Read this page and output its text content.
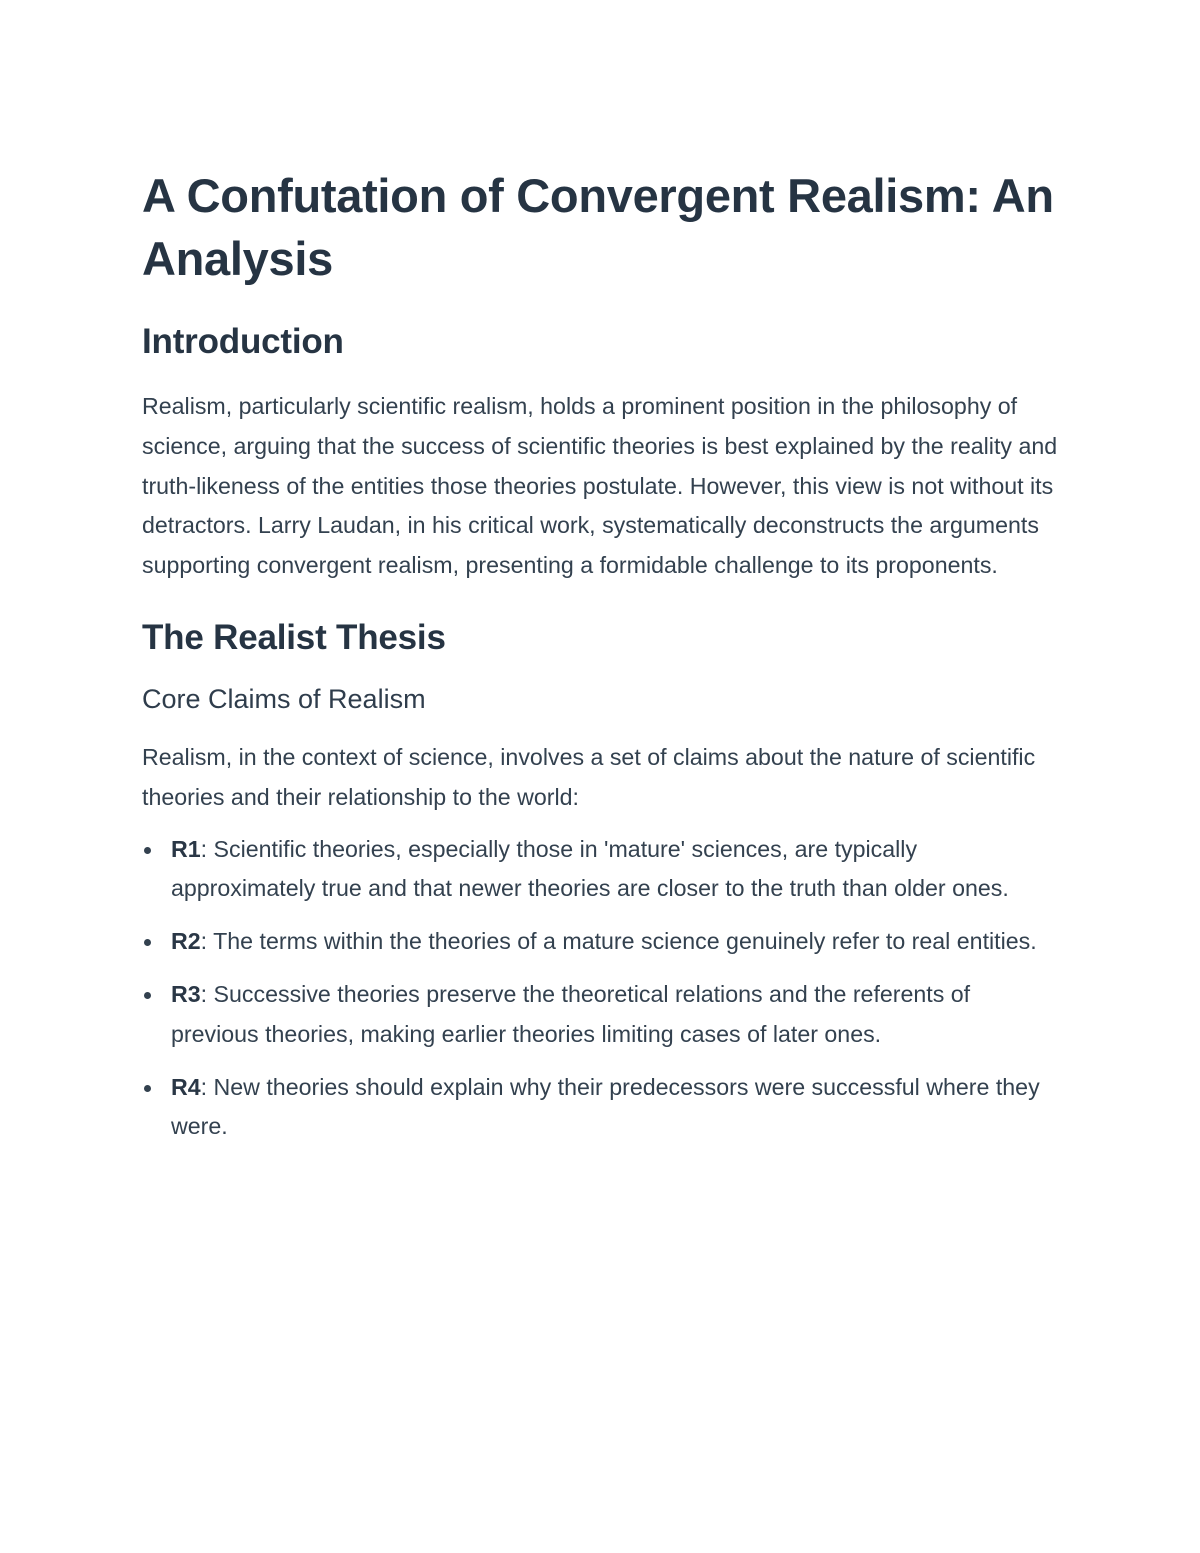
A Confutation of Convergent Realism: An Analysis
Introduction

Realism, particularly scientific realism, holds a prominent position in the philosophy of science, arguing that the success of scientific theories is best explained by the reality and truth-likeness of the entities those theories postulate. However, this view is not without its detractors. Larry Laudan, in his critical work, systematically deconstructs the arguments supporting convergent realism, presenting a formidable challenge to its proponents.

The Realist Thesis
Core Claims of Realism

Realism, in the context of science, involves a set of claims about the nature of scientific theories and their relationship to the world:

R1: Scientific theories, especially those in 'mature' sciences, are typically approximately true and that newer theories are closer to the truth than older ones.
R2: The terms within the theories of a mature science genuinely refer to real entities.
R3: Successive theories preserve the theoretical relations and the referents of previous theories, making earlier theories limiting cases of later ones.
R4: New theories should explain why their predecessors were successful where they were.
